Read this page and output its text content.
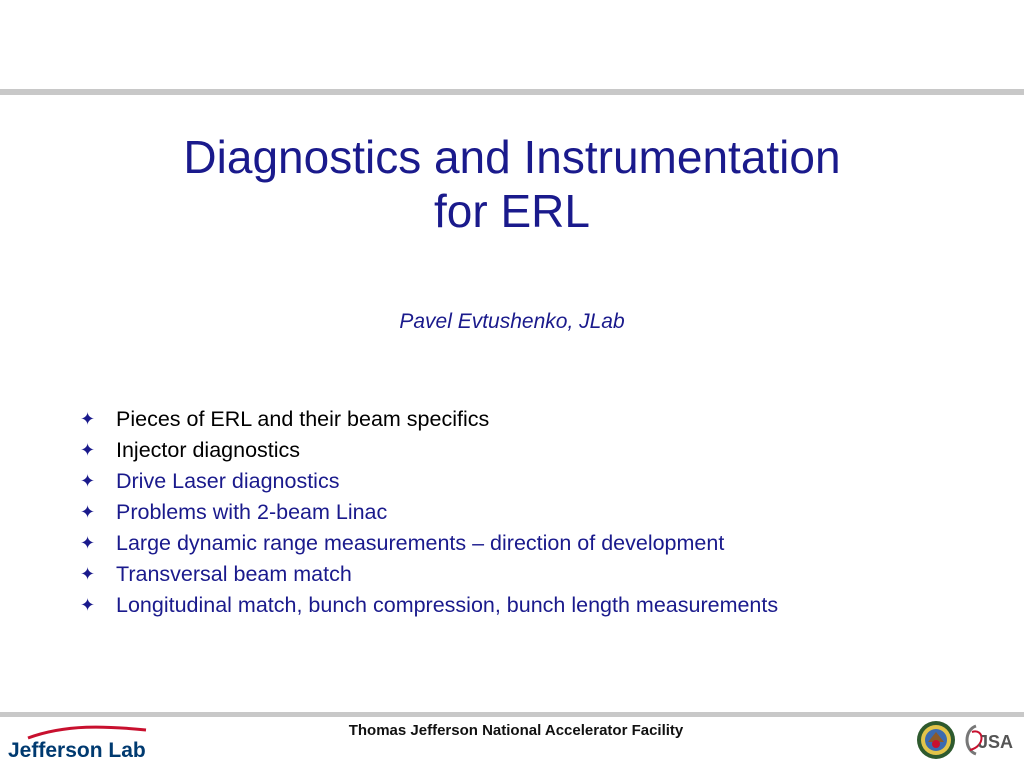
Diagnostics and Instrumentation
for ERL
Pavel Evtushenko, JLab
✦ Pieces of ERL and their beam specifics
✦ Injector diagnostics
✦ Drive Laser diagnostics
✦ Problems with 2-beam Linac
✦ Large dynamic range measurements – direction of development
✦ Transversal beam match
✦ Longitudinal match, bunch compression, bunch length measurements
Jefferson Lab
Thomas Jefferson National Accelerator Facility
JSA
